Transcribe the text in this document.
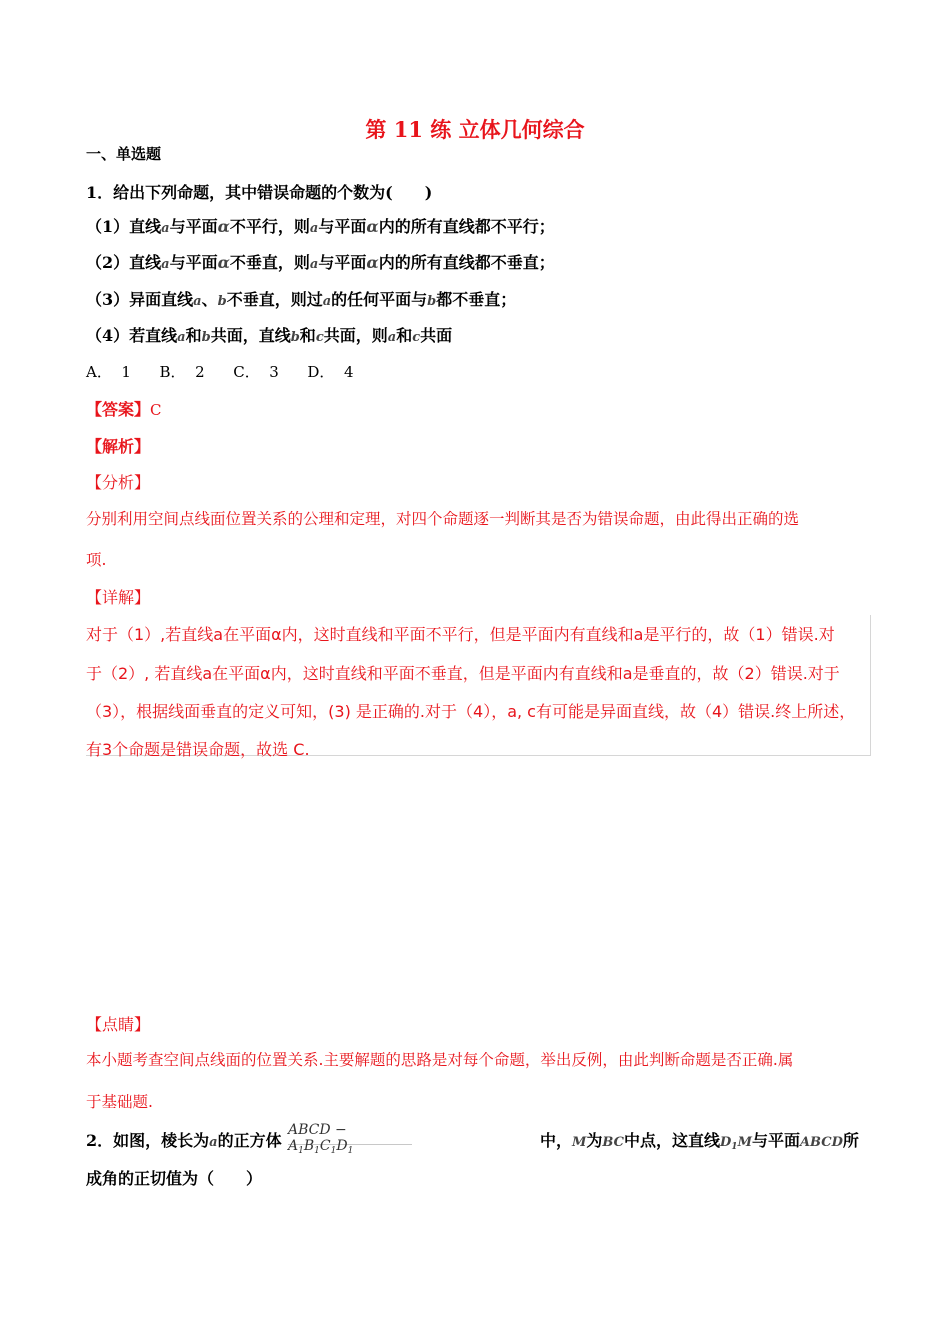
第 11 练 立体几何综合
一、单选题
1．给出下列命题，其中错误命题的个数为(　　)
（1）直线a与平面α不平行，则a与平面α内的所有直线都不平行；
（2）直线a与平面α不垂直，则a与平面α内的所有直线都不垂直；
（3）异面直线a、b不垂直，则过a的任何平面与b都不垂直；
（4）若直线a和b共面，直线b和c共面，则a和c共面
A．  1      B．  2      C．  3      D．  4
【答案】C
【解析】
【分析】
分别利用空间点线面位置关系的公理和定理，对四个命题逐一判断其是否为错误命题，由此得出正确的选
项.
【详解】
对于（1）,若直线a在平面α内，这时直线和平面不平行，但是平面内有直线和a是平行的，故（1）错误.对
于（2）, 若直线a在平面α内，这时直线和平面不垂直，但是平面内有直线和a是垂直的，故（2）错误.对于
（3），根据线面垂直的定义可知，(3) 是正确的.对于（4），a, c有可能是异面直线，故（4）错误.终上所述，
有3个命题是错误命题，故选 C.
【点睛】
本小题考查空间点线面的位置关系.主要解题的思路是对每个命题，举出反例，由此判断命题是否正确.属
于基础题.
2．如图，棱长为a的正方体
ABCD − $A_1B_1C_1D_1$
中，M为BC中点，这直线$D_1M$与平面ABCD所
成角的正切值为（　　）
